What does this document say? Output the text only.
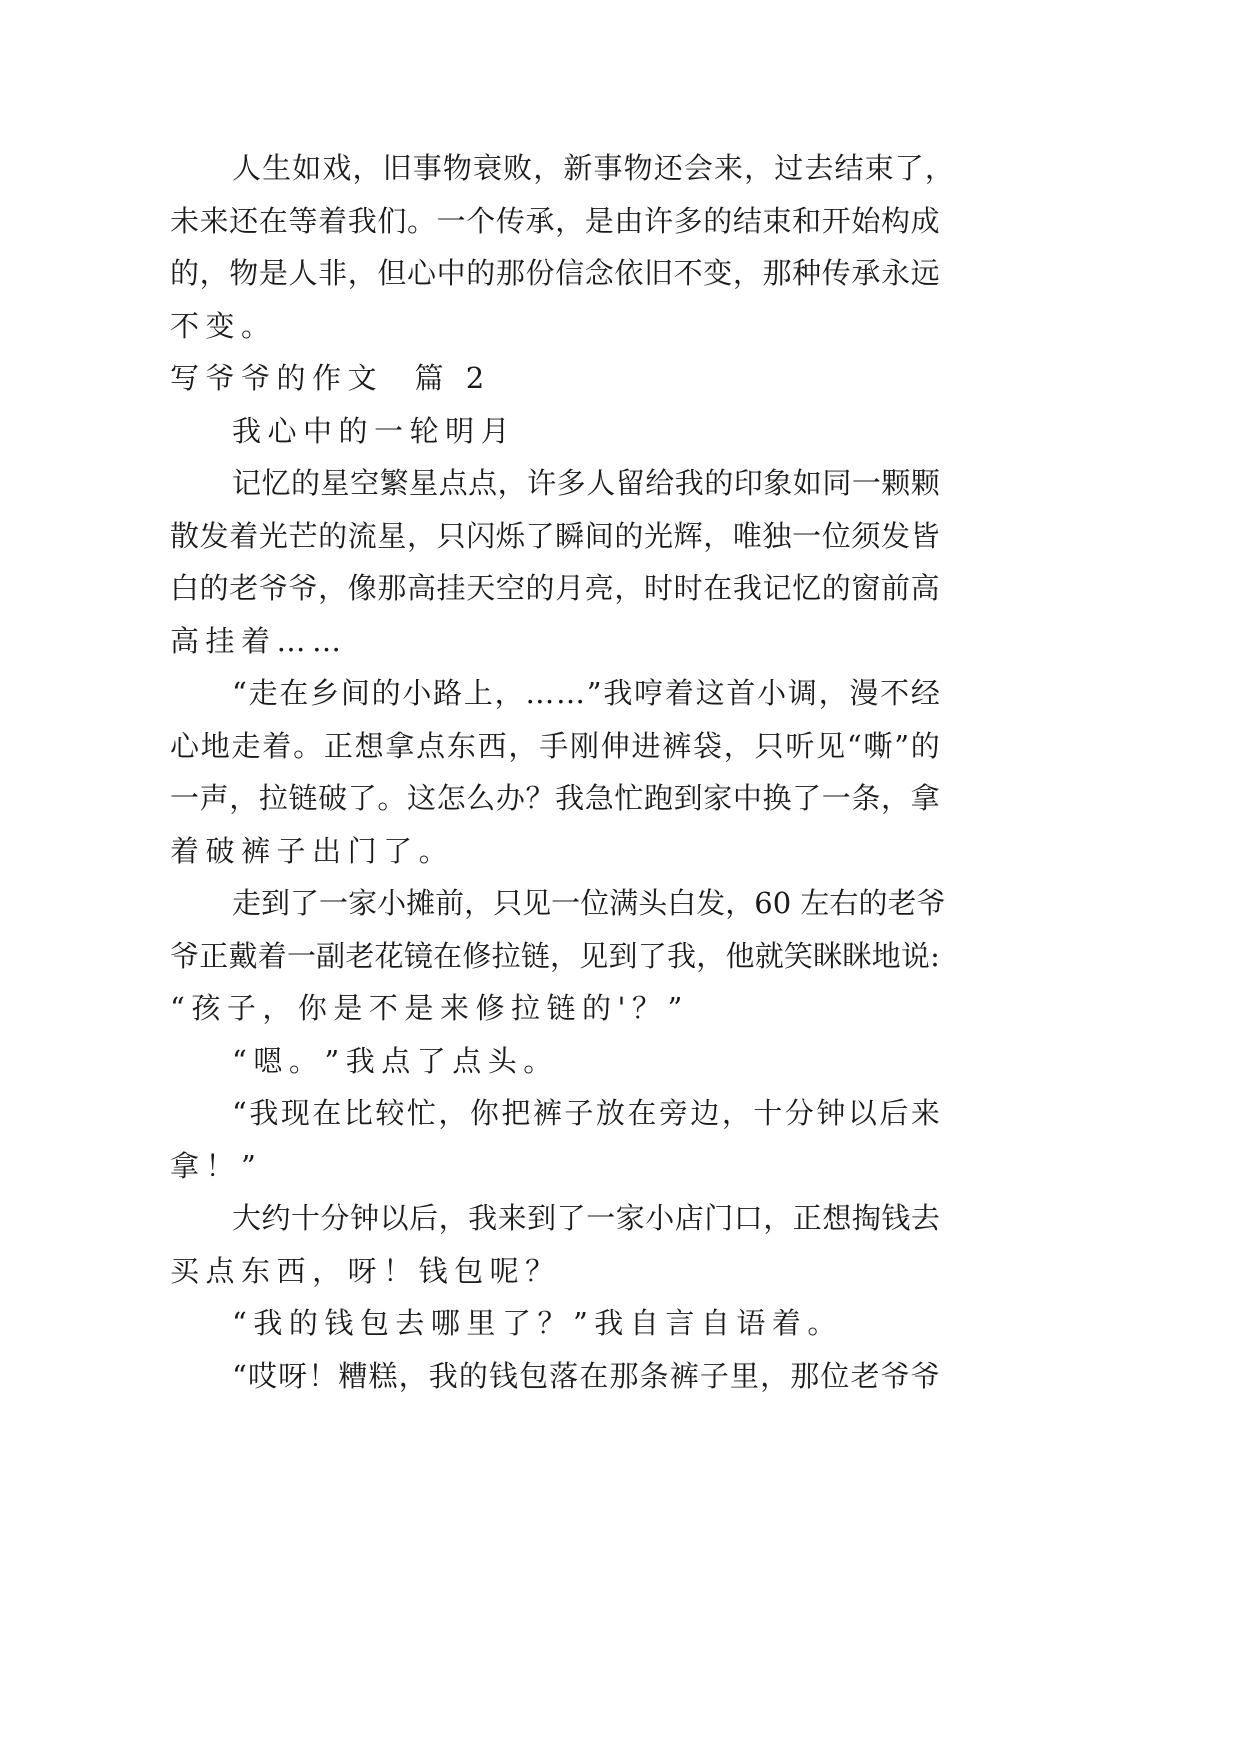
人 生 如 戏 ， 旧 事 物 衰 败 ， 新 事 物 还 会 来 ， 过 去 结 束 了 ，
未 来 还 在 等 着 我 们 。 一 个 传 承 ， 是 由 许 多 的 结 束 和 开 始 构 成
的 ， 物 是 人 非 ， 但 心 中 的 那 份 信 念 依 旧 不 变 ， 那 种 传 承 永 远
不 变 。
写 爷 爷 的 作 文

篇
2
我 心 中 的 一 轮 明 月
记 忆 的 星 空 繁 星 点 点 ， 许 多 人 留 给 我 的 印 象 如 同 一 颗 颗
散 发 着 光 芒 的 流 星 ， 只 闪 烁 了 瞬 间 的 光 辉 ， 唯 独 一 位 须 发 皆
白 的 老 爷 爷 ， 像 那 高 挂 天 空 的 月 亮 ， 时 时 在 我 记 忆 的 窗 前 高
高 挂 着 … …
“ 走 在 乡 间 的 小 路 上 ， … … ” 我 哼 着 这 首 小 调 ， 漫 不 经
心 地 走 着 。 正 想 拿 点 东 西 ， 手 刚 伸 进 裤 袋 ， 只 听 见 “ 嘶 ” 的
一 声 ， 拉 链 破 了 。 这 怎 么 办 ？ 我 急 忙 跑 到 家 中 换 了 一 条 ， 拿
着 破 裤 子 出 门 了 。
走 到 了 一 家 小 摊 前 ， 只 见 一 位 满 头 白 发 ， 6 0
左 右 的 老 爷
爷 正 戴 着 一 副 老 花 镜 在 修 拉 链 ， 见 到 了 我 ， 他 就 笑 眯 眯 地 说 :
“ 孩 子 ， 你 是 不 是 来 修 拉 链 的 ' ？ ”
“ 嗯 。 ” 我 点 了 点 头 。
“ 我 现 在 比 较 忙 ， 你 把 裤 子 放 在 旁 边 ， 十 分 钟 以 后 来
拿 ！ ”
大 约 十 分 钟 以 后 ， 我 来 到 了 一 家 小 店 门 口 ， 正 想 掏 钱 去
买 点 东 西 ， 呀 ！ 钱 包 呢 ？
“ 我 的 钱 包 去 哪 里 了 ？ ” 我 自 言 自 语 着 。
“ 哎 呀 ！ 糟 糕 ， 我 的 钱 包 落 在 那 条 裤 子 里 ， 那 位 老 爷 爷
